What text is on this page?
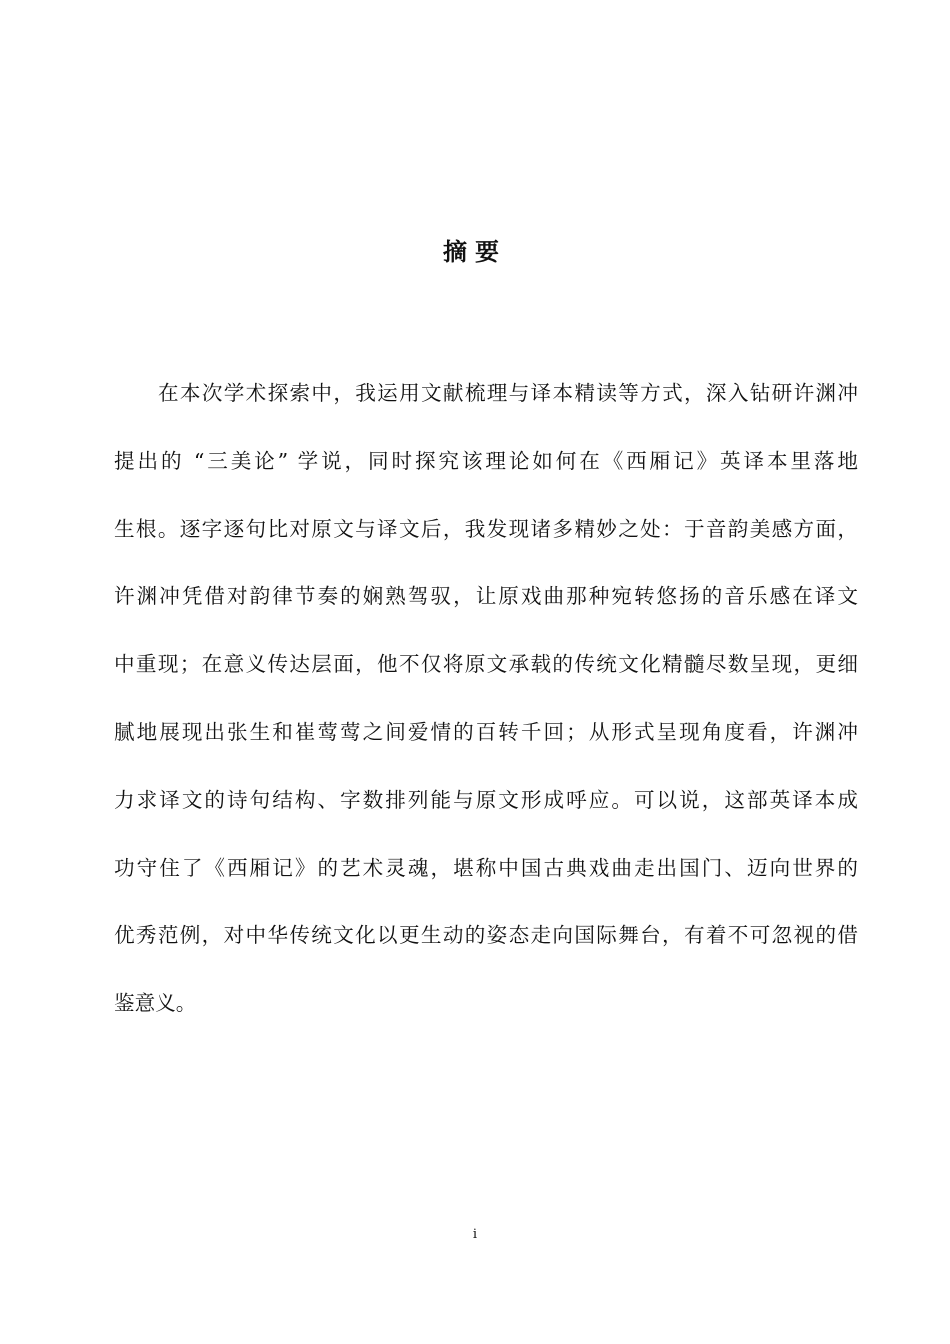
摘要
在本次学术探索中，我运用文献梳理与译本精读等方式，深入钻研许渊冲
提出的 “三美论” 学说，同时探究该理论如何在《西厢记》英译本里落地
生根。逐字逐句比对原文与译文后，我发现诸多精妙之处：于音韵美感方面，
许渊冲凭借对韵律节奏的娴熟驾驭，让原戏曲那种宛转悠扬的音乐感在译文
中重现；在意义传达层面，他不仅将原文承载的传统文化精髓尽数呈现，更细
腻地展现出张生和崔莺莺之间爱情的百转千回；从形式呈现角度看，许渊冲
力求译文的诗句结构、字数排列能与原文形成呼应。可以说，这部英译本成
功守住了《西厢记》的艺术灵魂，堪称中国古典戏曲走出国门、迈向世界的
优秀范例，对中华传统文化以更生动的姿态走向国际舞台，有着不可忽视的借
鉴意义。
i
